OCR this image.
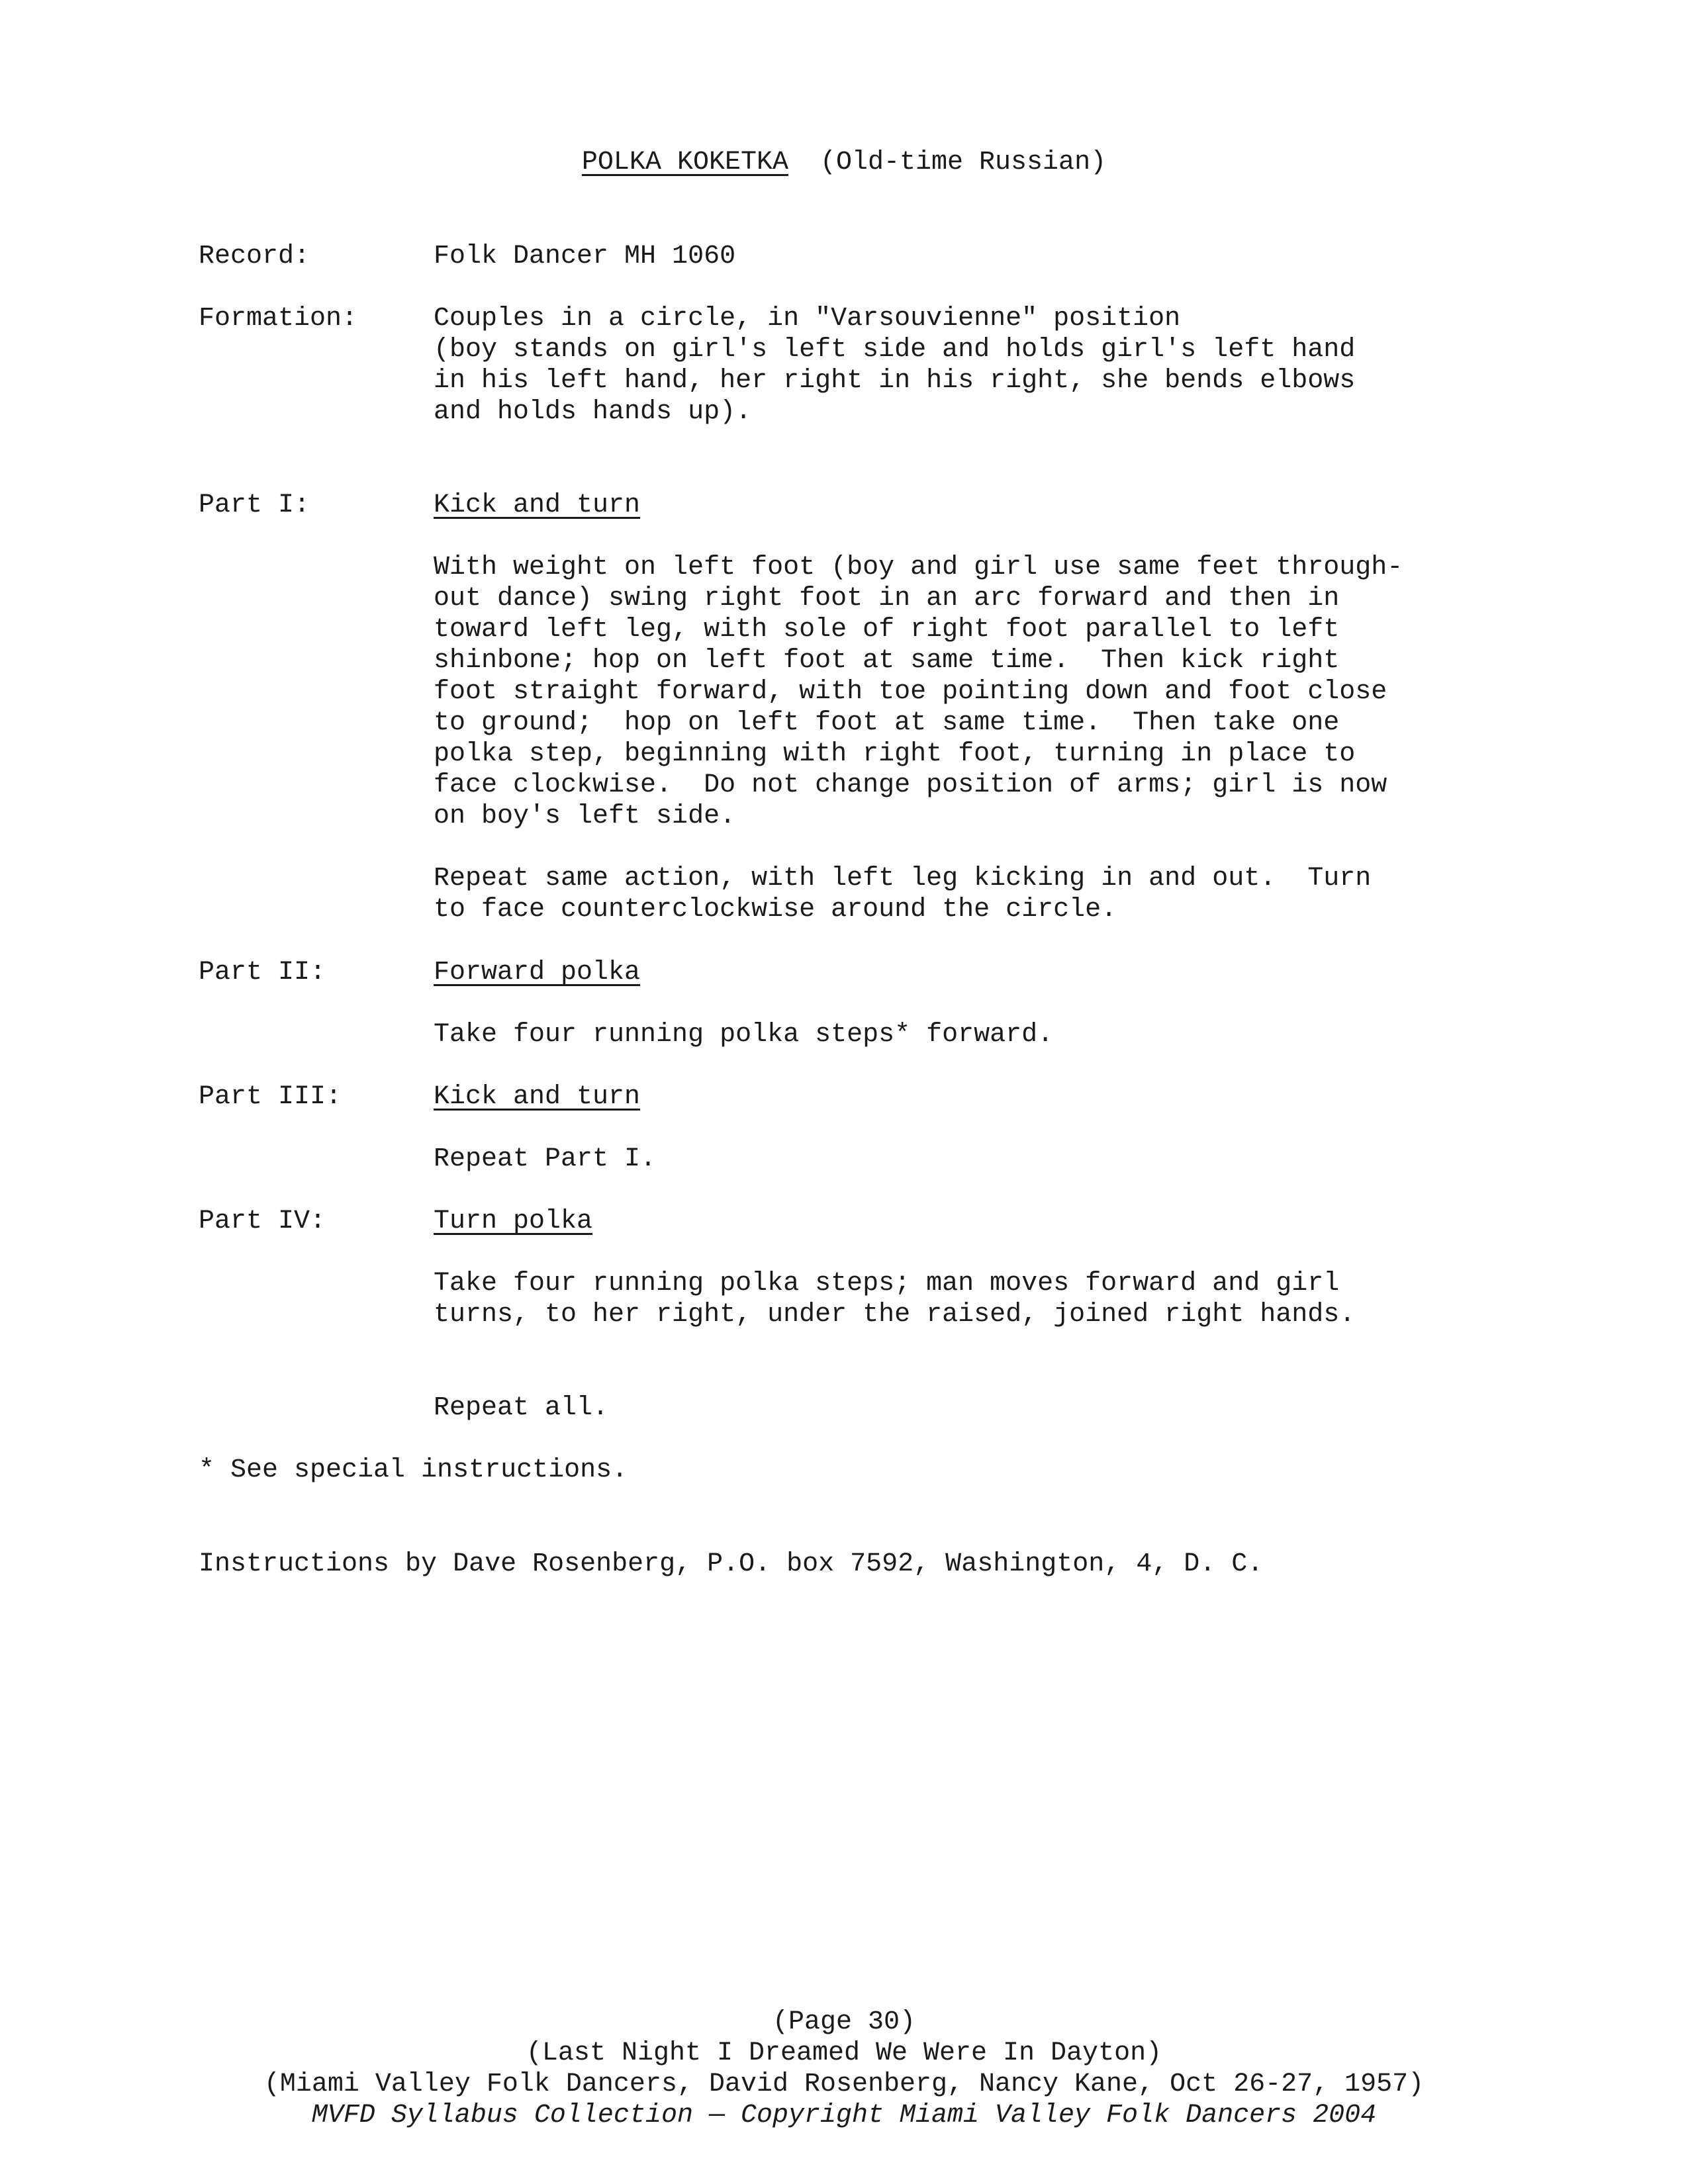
POLKA KOKETKA (Old-time Russian)
Record:	Folk Dancer MH 1060

Formation:	Couples in a circle, in "Varsouvienne" position

(boy stands on girl's left side and holds girl's left hand

in his left hand, her right in his right, she bends elbows

and holds hands up).

Part I:	Kick and turn

With weight on left foot (boy and girl use same feet through-

out dance) swing right foot in an arc forward and then in

toward left leg, with sole of right foot parallel to left

shinbone; hop on left foot at same time.  Then kick right

foot straight forward, with toe pointing down and foot close

to ground;  hop on left foot at same time.  Then take one

polka step, beginning with right foot, turning in place to

face clockwise.  Do not change position of arms; girl is now

on boy's left side.

Repeat same action, with left leg kicking in and out.  Turn

to face counterclockwise around the circle.

Part II:	Forward polka

Take four running polka steps* forward.

Part III:	Kick and turn

Repeat Part I.

Part IV:	Turn polka

Take four running polka steps; man moves forward and girl

turns, to her right, under the raised, joined right hands.

Repeat all.

* See special instructions.
Instructions by Dave Rosenberg, P.O. box 7592, Washington, 4, D. C.
(Page 30)
(Last Night I Dreamed We Were In Dayton)
(Miami Valley Folk Dancers, David Rosenberg, Nancy Kane, Oct 26-27, 1957)
MVFD Syllabus Collection — Copyright Miami Valley Folk Dancers 2004
